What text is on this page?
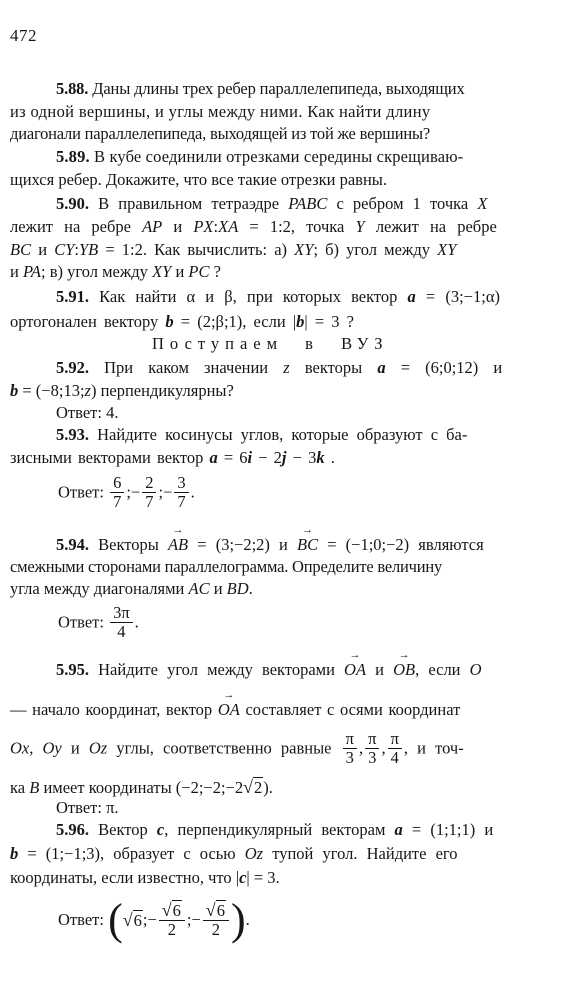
472
5.88. Даны длины трех ребер параллелепипеда, выходящих
из одной вершины, и углы между ними. Как найти длину
диагонали параллелепипеда, выходящей из той же вершины?
5.89. В кубе соединили отрезками середины скрещиваю-
щихся ребер. Докажите, что все такие отрезки равны.
5.90. В правильном тетраэдре PABC с ребром 1 точка X
лежит на ребре AP и PX:XA = 1:2, точка Y лежит на ребре
BC и CY:YB = 1:2. Как вычислить: а) XY; б) угол между XY
и PA; в) угол между XY и PC ?
5.91. Как найти α и β, при которых вектор a = (3;−1;α)
ортогонален вектору b = (2;β;1), если |b| = 3 ?
Поступаем в ВУЗ
5.92. При каком значении z векторы a = (6;0;12) и
b = (−8;13;z) перпендикулярны?
Ответ: 4.
5.93. Найдите косинусы углов, которые образуют с ба-
зисными векторами вектор a = 6i − 2j − 3k .
Ответ: $\frac{6}{7}$ ;− $\frac{2}{7}$ ;− $\frac{3}{7}$ .
5.94. Векторы AB → = (3;−2;2) и BC → = (−1;0;−2) являются
смежными сторонами параллелограмма. Определите величину
угла между диагоналями AC и BD.
Ответ: $\frac{3\pi}{4}$ .
5.95. Найдите угол между векторами OA → и OB →, если O
— начало координат, вектор OA → составляет с осями координат
Ox, Oy и Oz углы, соответственно равные $\frac{\pi}{3}$ , $\frac{\pi}{3}$ , $\frac{\pi}{4}$ , и точ-
ка B имеет координаты (−2;−2;−2√2).
Ответ: π.
5.96. Вектор c, перпендикулярный векторам a = (1;1;1) и
b = (1;−1;3), образует с осью Oz тупой угол. Найдите его
координаты, если известно, что |c| = 3.
Ответ: (√6;− $\frac{√6}{2}$ ;− $\frac{√6}{2}$ ).
